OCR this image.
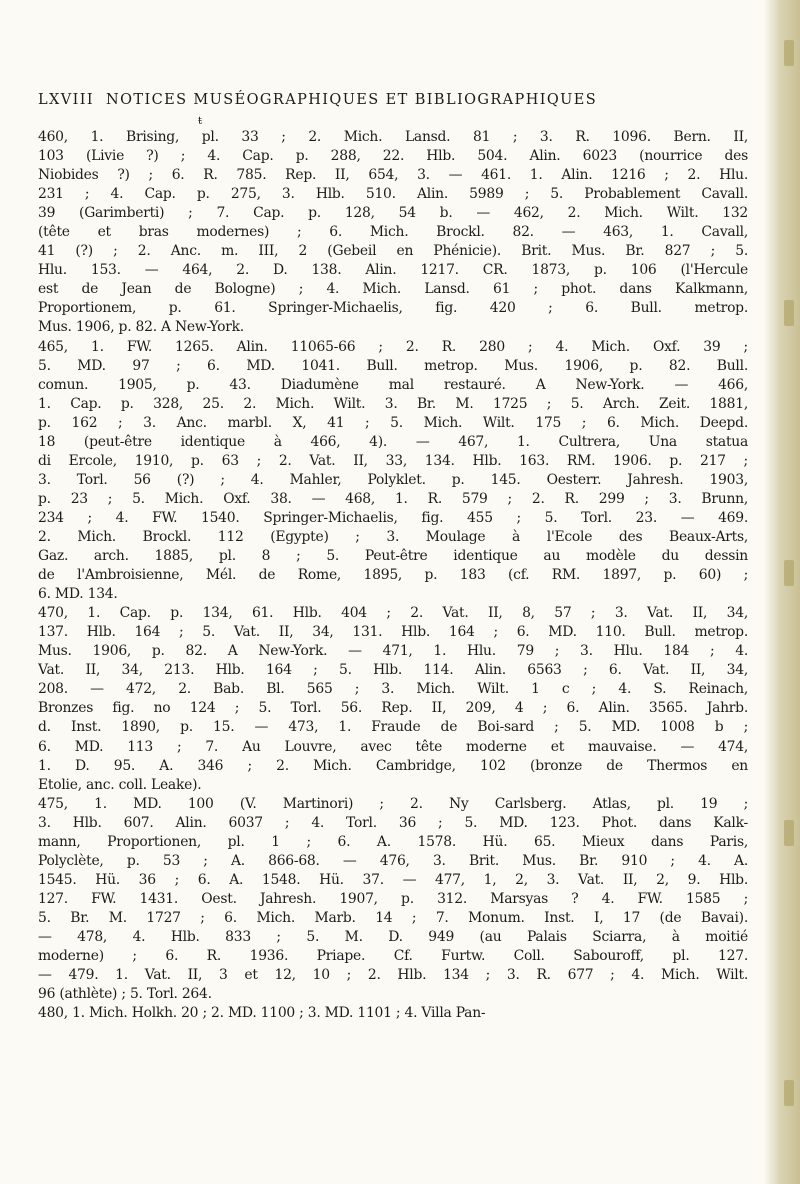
LXVIII NOTICES MUSÉOGRAPHIQUES ET BIBLIOGRAPHIQUES
ŧ
460, 1. Brising, pl. 33 ; 2. Mich. Lansd. 81 ; 3. R. 1096. Bern. II,
103 (Livie ?) ; 4. Cap. p. 288, 22. Hlb. 504. Alin. 6023 (nourrice des
Niobides ?) ; 6. R. 785. Rep. II, 654, 3. — 461. 1. Alin. 1216 ; 2. Hlu.
231 ; 4. Cap. p. 275, 3. Hlb. 510. Alin. 5989 ; 5. Probablement Cavall.
39 (Garimberti) ; 7. Cap. p. 128, 54 b. — 462, 2. Mich. Wilt. 132
(tête et bras modernes) ; 6. Mich. Brockl. 82. — 463, 1. Cavall,
41 (?) ; 2. Anc. m. III, 2 (Gebeil en Phénicie). Brit. Mus. Br. 827 ; 5.
Hlu. 153. — 464, 2. D. 138. Alin. 1217. CR. 1873, p. 106 (l'Hercule
est de Jean de Bologne) ; 4. Mich. Lansd. 61 ; phot. dans Kalkmann,
Proportionem, p. 61. Springer-Michaelis, fig. 420 ; 6. Bull. metrop.
Mus. 1906, p. 82. A New-York.
465, 1. FW. 1265. Alin. 11065-66 ; 2. R. 280 ; 4. Mich. Oxf. 39 ;
5. MD. 97 ; 6. MD. 1041. Bull. metrop. Mus. 1906, p. 82. Bull.
comun. 1905, p. 43. Diadumène mal restauré. A New-York. — 466,
1. Cap. p. 328, 25. 2. Mich. Wilt. 3. Br. M. 1725 ; 5. Arch. Zeit. 1881,
p. 162 ; 3. Anc. marbl. X, 41 ; 5. Mich. Wilt. 175 ; 6. Mich. Deepd.
18 (peut-être identique à 466, 4). — 467, 1. Cultrera, Una statua
di Ercole, 1910, p. 63 ; 2. Vat. II, 33, 134. Hlb. 163. RM. 1906. p. 217 ;
3. Torl. 56 (?) ; 4. Mahler, Polyklet. p. 145. Oesterr. Jahresh. 1903,
p. 23 ; 5. Mich. Oxf. 38. — 468, 1. R. 579 ; 2. R. 299 ; 3. Brunn,
234 ; 4. FW. 1540. Springer-Michaelis, fig. 455 ; 5. Torl. 23. — 469.
2. Mich. Brockl. 112 (Egypte) ; 3. Moulage à l'Ecole des Beaux-Arts,
Gaz. arch. 1885, pl. 8 ; 5. Peut-être identique au modèle du dessin
de l'Ambroisienne, Mél. de Rome, 1895, p. 183 (cf. RM. 1897, p. 60) ;
6. MD. 134.
470, 1. Cap. p. 134, 61. Hlb. 404 ; 2. Vat. II, 8, 57 ; 3. Vat. II, 34,
137. Hlb. 164 ; 5. Vat. II, 34, 131. Hlb. 164 ; 6. MD. 110. Bull. metrop.
Mus. 1906, p. 82. A New-York. — 471, 1. Hlu. 79 ; 3. Hlu. 184 ; 4.
Vat. II, 34, 213. Hlb. 164 ; 5. Hlb. 114. Alin. 6563 ; 6. Vat. II, 34,
208. — 472, 2. Bab. Bl. 565 ; 3. Mich. Wilt. 1 c ; 4. S. Reinach,
Bronzes fig. no 124 ; 5. Torl. 56. Rep. II, 209, 4 ; 6. Alin. 3565. Jahrb.
d. Inst. 1890, p. 15. — 473, 1. Fraude de Boi-sard ; 5. MD. 1008 b ;
6. MD. 113 ; 7. Au Louvre, avec tête moderne et mauvaise. — 474,
1. D. 95. A. 346 ; 2. Mich. Cambridge, 102 (bronze de Thermos en
Etolie, anc. coll. Leake).
475, 1. MD. 100 (V. Martinori) ; 2. Ny Carlsberg. Atlas, pl. 19 ;
3. Hlb. 607. Alin. 6037 ; 4. Torl. 36 ; 5. MD. 123. Phot. dans Kalk-
mann, Proportionen, pl. 1 ; 6. A. 1578. Hü. 65. Mieux dans Paris,
Polyclète, p. 53 ; A. 866-68. — 476, 3. Brit. Mus. Br. 910 ; 4. A.
1545. Hü. 36 ; 6. A. 1548. Hü. 37. — 477, 1, 2, 3. Vat. II, 2, 9. Hlb.
127. FW. 1431. Oest. Jahresh. 1907, p. 312. Marsyas ? 4. FW. 1585 ;
5. Br. M. 1727 ; 6. Mich. Marb. 14 ; 7. Monum. Inst. I, 17 (de Bavai).
— 478, 4. Hlb. 833 ; 5. M. D. 949 (au Palais Sciarra, à moitié
moderne) ; 6. R. 1936. Priape. Cf. Furtw. Coll. Sabouroff, pl. 127.
— 479. 1. Vat. II, 3 et 12, 10 ; 2. Hlb. 134 ; 3. R. 677 ; 4. Mich. Wilt.
96 (athlète) ; 5. Torl. 264.
480, 1. Mich. Holkh. 20 ; 2. MD. 1100 ; 3. MD. 1101 ; 4. Villa Pan-
